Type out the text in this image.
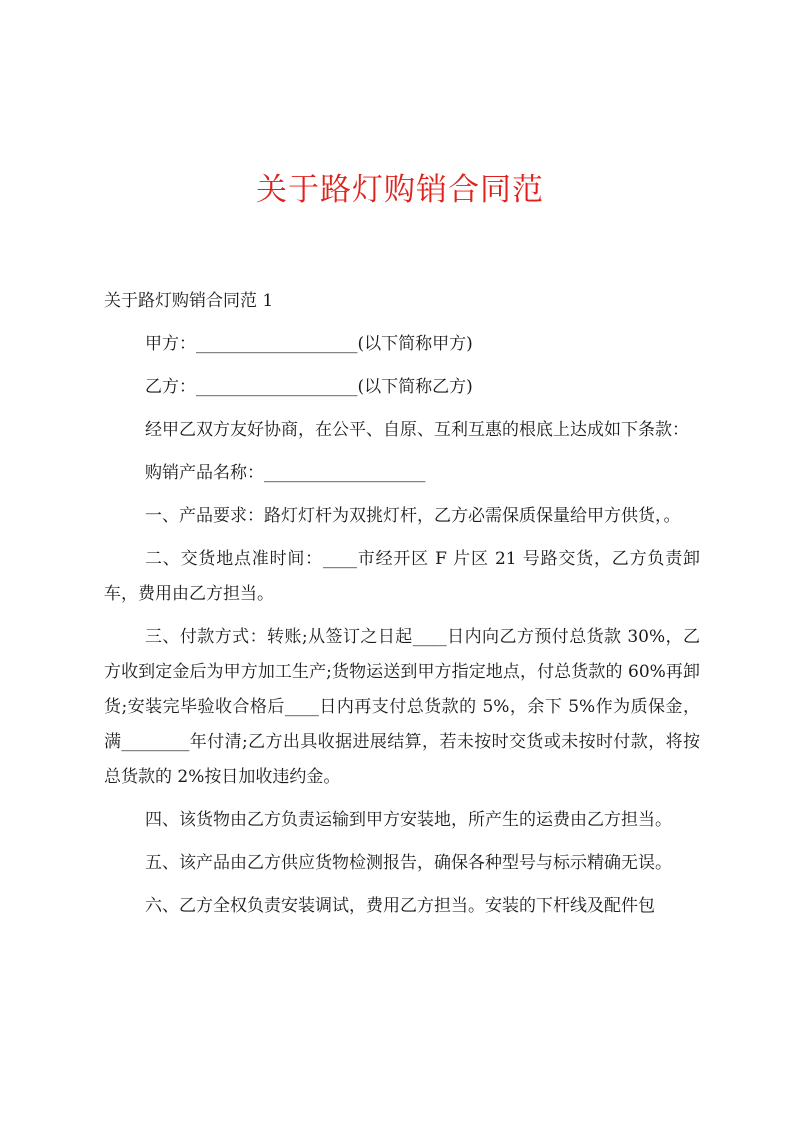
关于路灯购销合同范

关于路灯购销合同范 1

甲方：___________________(以下简称甲方)

乙方：___________________(以下简称乙方)

经甲乙双方友好协商，在公平、自原、互利互惠的根底上达成如下条款：

购销产品名称：___________________

一、产品要求：路灯灯杆为双挑灯杆，乙方必需保质保量给甲方供货，。

二、交货地点准时间：____市经开区 F 片区 21 号路交货，乙方负责卸车，费用由乙方担当。

三、付款方式：转账;从签订之日起____日内向乙方预付总货款 30%，乙方收到定金后为甲方加工生产;货物运送到甲方指定地点，付总货款的 60%再卸货;安装完毕验收合格后____日内再支付总货款的 5%，余下 5%作为质保金，满________年付清;乙方出具收据进展结算，若未按时交货或未按时付款，将按总货款的 2%按日加收违约金。

四、该货物由乙方负责运输到甲方安装地，所产生的运费由乙方担当。

五、该产品由乙方供应货物检测报告，确保各种型号与标示精确无误。

六、乙方全权负责安装调试，费用乙方担当。安装的下杆线及配件包
